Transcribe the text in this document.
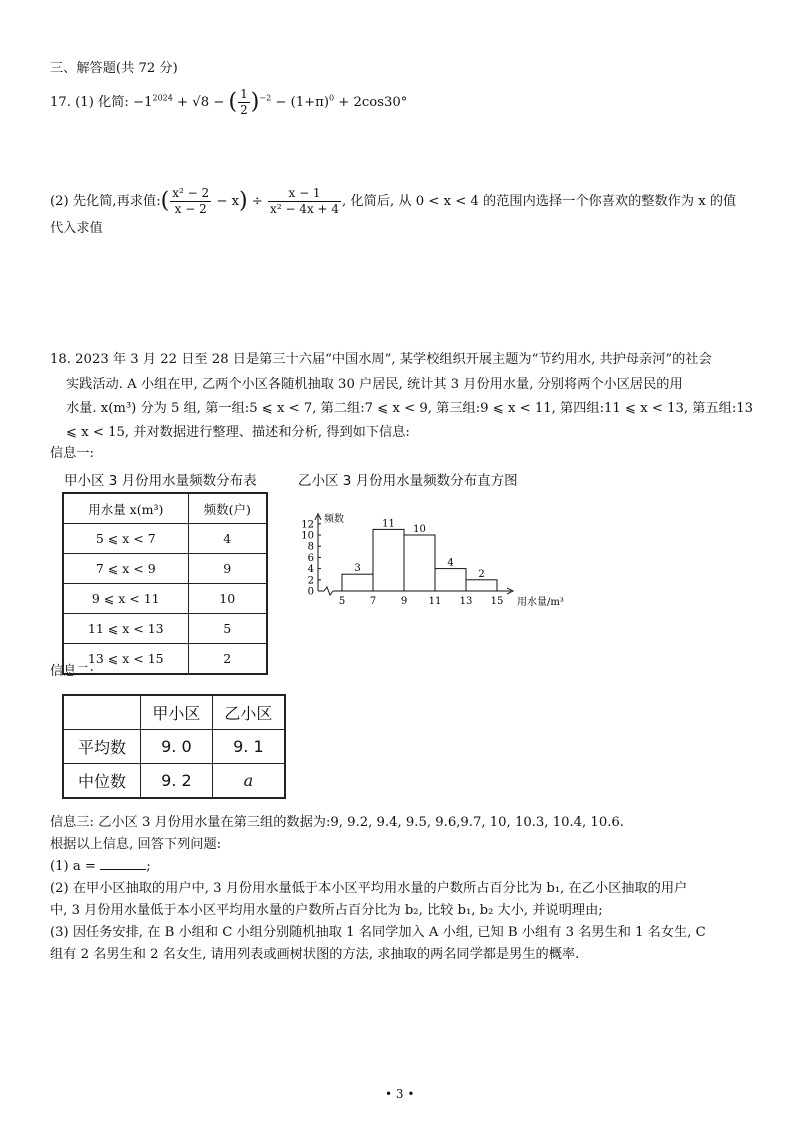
三、解答题(共 72 分)
17. (1) 化简: $-1^{2024} + √8$ − ( $\frac{1}{2} )^{-2} - (1+\pi)^0 + 2\cos 30^\circ$
(2) 先化简,再求值:( $\frac{\text{x² − 2}}{x - 2} - x) \div \frac{x - 1}{\text{x² − 4x + 4}}$ , 化简后, 从 0 < x < 4 的范围内选择一个你喜欢的整数作为 x 的值
代入求值
18. 2023 年 3 月 22 日至 28 日是第三十六届“中国水周”, 某学校组织开展主题为“节约用水, 共护母亲河”的社会
实践活动. A 小组在甲, 乙两个小区各随机抽取 30 户居民, 统计其 3 月份用水量, 分别将两个小区居民的用
水量. x(m³) 分为 5 组, 第一组:5 ⩽ x < 7, 第二组:7 ⩽ x < 9, 第三组:9 ⩽ x < 11, 第四组:11 ⩽ x < 13, 第五组:13
⩽ x < 15, 并对数据进行整理、描述和分析, 得到如下信息:
信息一:
甲小区 3 月份用水量频数分布表
用水量 x(m³)	频数(户)
5 ⩽ x < 7	4
7 ⩽ x < 9	9
9 ⩽ x < 11	10
11 ⩽ x < 13	5
13 ⩽ x < 15	2
乙小区 3 月份用水量频数分布直方图
0
2
4
6
8
10
12 频数
用水量/m³
3
11
10
4
2
5 7 9 11 13 15
信息二:
	甲小区	乙小区
平均数	9. 0	9. 1
中位数	9. 2	a
信息三: 乙小区 3 月份用水量在第三组的数据为:9, 9.2, 9.4, 9.5, 9.6,9.7, 10, 10.3, 10.4, 10.6.
根据以上信息, 回答下列问题:
(1) a =	;
(2) 在甲小区抽取的用户中, 3 月份用水量低于本小区平均用水量的户数所占百分比为 b₁, 在乙小区抽取的用户
中, 3 月份用水量低于本小区平均用水量的户数所占百分比为 b₂, 比较 b₁, b₂ 大小, 并说明理由;
(3) 因任务安排, 在 B 小组和 C 小组分别随机抽取 1 名同学加入 A 小组, 已知 B 小组有 3 名男生和 1 名女生, C
组有 2 名男生和 2 名女生, 请用列表或画树状图的方法, 求抽取的两名同学都是男生的概率.
• 3 •
